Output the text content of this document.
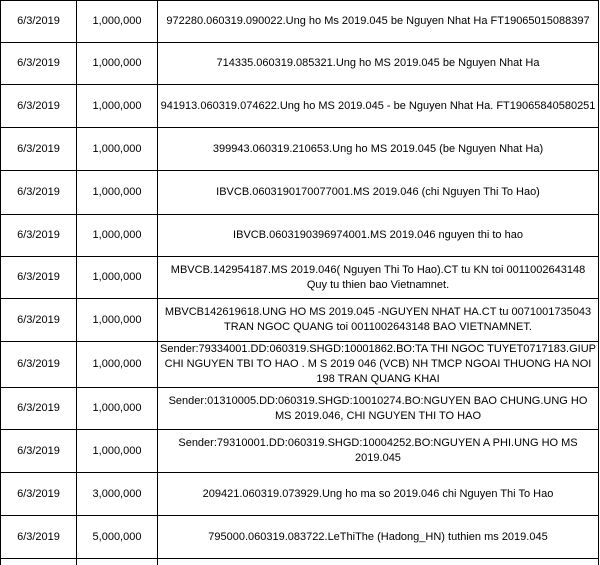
6/3/2019	1,000,000	972280.060319.090022.Ung ho Ms 2019.045 be Nguyen Nhat Ha FT19065015088397

6/3/2019	1,000,000	714335.060319.085321.Ung ho MS 2019.045 be Nguyen Nhat Ha

6/3/2019	1,000,000	941913.060319.074622.Ung ho MS 2019.045 - be Nguyen Nhat Ha. FT19065840580251

6/3/2019	1,000,000	399943.060319.210653.Ung ho MS 2019.045 (be Nguyen Nhat Ha)

6/3/2019	1,000,000	IBVCB.0603190170077001.MS 2019.046 (chi Nguyen Thi To Hao)

6/3/2019	1,000,000	IBVCB.0603190396974001.MS 2019.046 nguyen thi to hao

6/3/2019	1,000,000	MBVCB.142954187.MS 2019.046( Nguyen Thi To Hao).CT tu KN toi 0011002643148 Quy tu thien bao Vietnamnet.

6/3/2019	1,000,000	MBVCB142619618.UNG HO MS 2019.045 -NGUYEN NHAT HA.CT tu 0071001735043 TRAN NGOC QUANG toi 0011002643148 BAO VIETNAMNET.

6/3/2019	1,000,000	Sender:79334001.DD:060319.SHGD:10001862.BO:TA THI NGOC TUYET0717183.GIUP CHI NGUYEN TBI TO HAO . M S 2019 046 (VCB) NH TMCP NGOAI THUONG HA NOI 198 TRAN QUANG KHAI

6/3/2019	1,000,000	Sender:01310005.DD:060319.SHGD:10010274.BO:NGUYEN BAO CHUNG.UNG HO MS 2019.046, CHI NGUYEN THI TO HAO

6/3/2019	1,000,000	Sender:79310001.DD:060319.SHGD:10004252.BO:NGUYEN A PHI.UNG HO MS 2019.045

6/3/2019	3,000,000	209421.060319.073929.Ung ho ma so 2019.046 chi Nguyen Thi To Hao

6/3/2019	5,000,000	795000.060319.083722.LeThiThe (Hadong_HN) tuthien ms 2019.045
